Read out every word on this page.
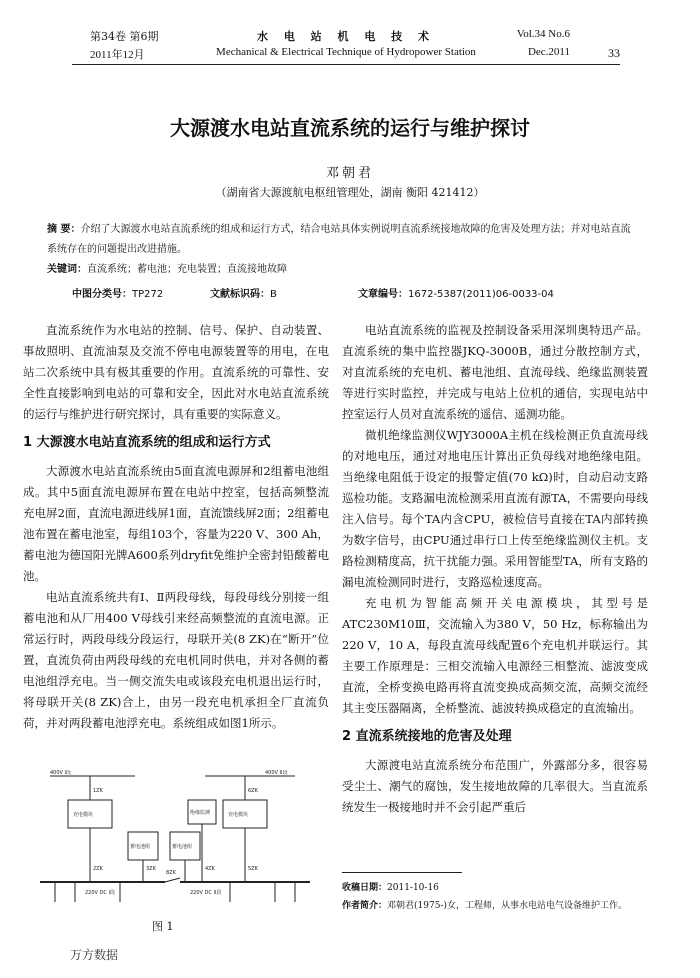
第34卷 第6期	水 电 站 机 电 技 术	Vol.34 No.6
2011年12月	Mechanical & Electrical Technique of Hydropower Station	Dec.2011	33
大源渡水电站直流系统的运行与维护探讨
邓朝君
（湖南省大源渡航电枢纽管理处，湖南 衡阳 421412）
摘 要：介绍了大源渡水电站直流系统的组成和运行方式，结合电站具体实例说明直流系统接地故障的危害及处理方法；并对电站直流系统存在的问题提出改进措施。
关键词：直流系统；蓄电池；充电装置；直流接地故障
中图分类号：TP272	文献标识码：B	文章编号：1672-5387(2011)06-0033-04

直流系统作为水电站的控制、信号、保护、自动装置、事故照明、直流油泵及交流不停电电源装置等的用电，在电站二次系统中具有极其重要的作用。直流系统的可靠性、安全性直接影响到电站的可靠和安全，因此对水电站直流系统的运行与维护进行研究探讨，具有重要的实际意义。

1 大源渡水电站直流系统的组成和运行方式

大源渡水电站直流系统由5面直流电源屏和2组蓄电池组成。其中5面直流电源屏布置在电站中控室，包括高频整流充电屏2面，直流电源进线屏1面，直流馈线屏2面；2组蓄电池布置在蓄电池室，每组103个，容量为220 V、300 Ah，蓄电池为德国阳光牌A600系列dryfit免维护全密封铅酸蓄电池。

电站直流系统共有Ⅰ、Ⅱ两段母线，每段母线分别接一组蓄电池和从厂用400 V母线引来经高频整流的直流电源。正常运行时，两段母线分段运行，母联开关(8 ZK)在“断开”位置，直流负荷由两段母线的充电机同时供电，并对各侧的蓄电池组浮充电。当一侧交流失电或该段充电机退出运行时，将母联开关(8 ZK)合上，由另一段充电机承担全厂直流负荷，并对两段蓄电池浮充电。系统组成如图1所示。

400V I段	400V II段
1ZK	6ZK
充电模块	充电模块
蓄电池组	蓄电池组
绝缘监测
8ZK
2ZK	5ZK
3ZK	4ZK
220V DC I段	220V DC II段
图 1

电站直流系统的监视及控制设备采用深圳奥特迅产品。直流系统的集中监控器JKQ-3000B，通过分散控制方式，对直流系统的充电机、蓄电池组、直流母线、绝缘监测装置等进行实时监控，并完成与电站上位机的通信，实现电站中控室运行人员对直流系统的遥信、遥测功能。

微机绝缘监测仪WJY3000A主机在线检测正负直流母线的对地电压，通过对地电压计算出正负母线对地绝缘电阻。当绝缘电阻低于设定的报警定值(70 kΩ)时，自动启动支路巡检功能。支路漏电流检测采用直流有源TA，不需要向母线注入信号。每个TA内含CPU，被检信号直接在TA内部转换为数字信号，由CPU通过串行口上传至绝缘监测仪主机。支路检测精度高，抗干扰能力强。采用智能型TA，所有支路的漏电流检测同时进行，支路巡检速度高。

充电机为智能高频开关电源模块，其型号是ATC230M10Ⅲ，交流输入为380 V，50 Hz，标称输出为220 V，10 A，每段直流母线配置6个充电机并联运行。其主要工作原理是：三相交流输入电源经三相整流、滤波变成直流，全桥变换电路再将直流变换成高频交流，高频交流经其主变压器隔离，全桥整流、滤波转换成稳定的直流输出。

2 直流系统接地的危害及处理

大源渡电站直流系统分布范围广，外露部分多，很容易受尘土、潮气的腐蚀，发生接地故障的几率很大。当直流系统发生一极接地时并不会引起严重后

收稿日期：2011-10-16
作者简介：邓朝君(1975-)女，工程师，从事水电站电气设备维护工作。
万方数据
